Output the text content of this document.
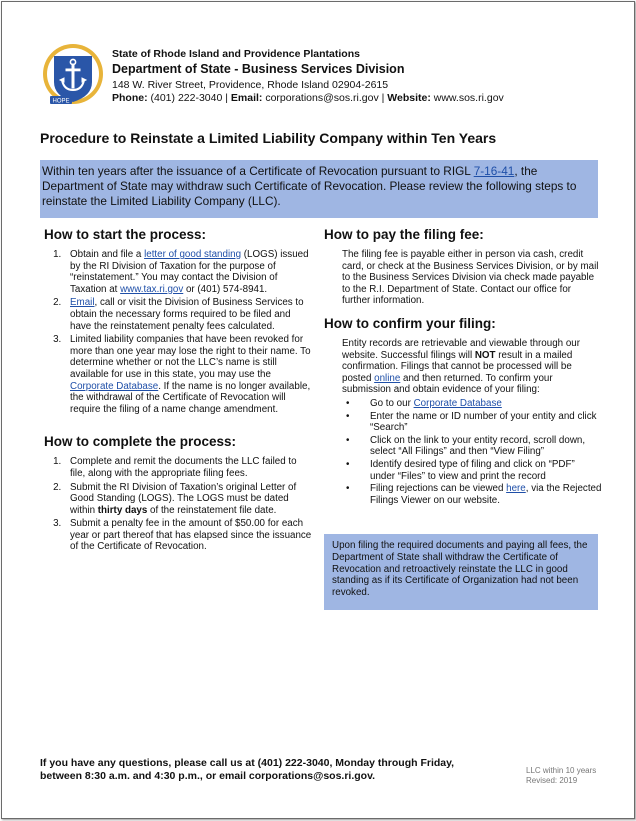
HOPE
State of Rhode Island and Providence Plantations
Department of State - Business Services Division
148 W. River Street, Providence, Rhode Island 02904-2615
Phone: (401) 222-3040 | Email: corporations@sos.ri.gov | Website: www.sos.ri.gov
Procedure to Reinstate a Limited Liability Company within Ten Years
Within ten years after the issuance of a Certificate of Revocation pursuant to RIGL 7-16-41, the Department of State may withdraw such Certificate of Revocation. Please review the following steps to reinstate the Limited Liability Company (LLC).
How to start the process:
1. Obtain and file a letter of good standing (LOGS) issued by the RI Division of Taxation for the purpose of “reinstatement.” You may contact the Division of Taxation at www.tax.ri.gov or (401) 574-8941.
2. Email, call or visit the Division of Business Services to obtain the necessary forms required to be filed and have the reinstatement penalty fees calculated.
3. Limited liability companies that have been revoked for more than one year may lose the right to their name. To determine whether or not the LLC’s name is still available for use in this state, you may use the Corporate Database. If the name is no longer available, the withdrawal of the Certificate of Revocation will require the filing of a name change amendment.
How to complete the process:
1. Complete and remit the documents the LLC failed to file, along with the appropriate filing fees.
2. Submit the RI Division of Taxation’s original Letter of Good Standing (LOGS). The LOGS must be dated within thirty days of the reinstatement file date.
3. Submit a penalty fee in the amount of $50.00 for each year or part thereof that has elapsed since the issuance of the Certificate of Revocation.
How to pay the filing fee:
The filing fee is payable either in person via cash, credit card, or check at the Business Services Division, or by mail to the Business Services Division via check made payable to the R.I. Department of State. Contact our office for further information.
How to confirm your filing:
Entity records are retrievable and viewable through our website. Successful filings will NOT result in a mailed confirmation. Filings that cannot be processed will be posted online and then returned. To confirm your submission and obtain evidence of your filing:
• Go to our Corporate Database
• Enter the name or ID number of your entity and click “Search”
• Click on the link to your entity record, scroll down, select “All Filings” and then “View Filing”
• Identify desired type of filing and click on “PDF” under “Files” to view and print the record
• Filing rejections can be viewed here, via the Rejected Filings Viewer on our website.
Upon filing the required documents and paying all fees, the Department of State shall withdraw the Certificate of Revocation and retroactively reinstate the LLC in good standing as if its Certificate of Organization had not been revoked.
If you have any questions, please call us at (401) 222-3040, Monday through Friday, between 8:30 a.m. and 4:30 p.m., or email corporations@sos.ri.gov.	LLC within 10 years
Revised: 2019
